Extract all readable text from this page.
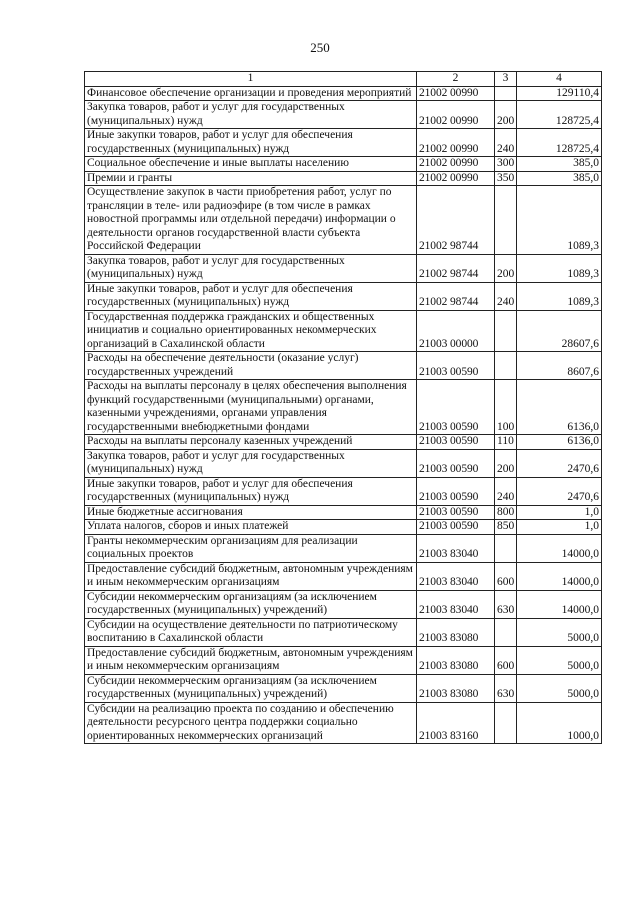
250
1	2	3	4
Финансовое обеспечение организации и проведения мероприятий	21002 00990		129110,4
Закупка товаров, работ и услуг для государственных (муниципальных) нужд	21002 00990	200	128725,4
Иные закупки товаров, работ и услуг для обеспечения государственных (муниципальных) нужд	21002 00990	240	128725,4
Социальное обеспечение и иные выплаты населению	21002 00990	300	385,0
Премии и гранты	21002 00990	350	385,0
Осуществление закупок в части приобретения работ, услуг по трансляции в теле- или радиоэфире (в том числе в рамках новостной программы или отдельной передачи) информации о деятельности органов государственной власти субъекта Российской Федерации	21002 98744		1089,3
Закупка товаров, работ и услуг для государственных (муниципальных) нужд	21002 98744	200	1089,3
Иные закупки товаров, работ и услуг для обеспечения государственных (муниципальных) нужд	21002 98744	240	1089,3
Государственная поддержка гражданских и общественных инициатив и социально ориентированных некоммерческих организаций в Сахалинской области	21003 00000		28607,6
Расходы на обеспечение деятельности (оказание услуг) государственных учреждений	21003 00590		8607,6
Расходы на выплаты персоналу в целях обеспечения выполнения функций государственными (муниципальными) органами, казенными учреждениями, органами управления государственными внебюджетными фондами	21003 00590	100	6136,0
Расходы на выплаты персоналу казенных учреждений	21003 00590	110	6136,0
Закупка товаров, работ и услуг для государственных (муниципальных) нужд	21003 00590	200	2470,6
Иные закупки товаров, работ и услуг для обеспечения государственных (муниципальных) нужд	21003 00590	240	2470,6
Иные бюджетные ассигнования	21003 00590	800	1,0
Уплата налогов, сборов и иных платежей	21003 00590	850	1,0
Гранты некоммерческим организациям для реализации социальных проектов	21003 83040		14000,0
Предоставление субсидий бюджетным, автономным учреждениям и иным некоммерческим организациям	21003 83040	600	14000,0
Субсидии некоммерческим организациям (за исключением государственных (муниципальных) учреждений)	21003 83040	630	14000,0
Субсидии на осуществление деятельности по патриотическому воспитанию в Сахалинской области	21003 83080		5000,0
Предоставление субсидий бюджетным, автономным учреждениям и иным некоммерческим организациям	21003 83080	600	5000,0
Субсидии некоммерческим организациям (за исключением государственных (муниципальных) учреждений)	21003 83080	630	5000,0
Субсидии на реализацию проекта по созданию и обеспечению деятельности ресурсного центра поддержки социально ориентированных некоммерческих организаций	21003 83160		1000,0
